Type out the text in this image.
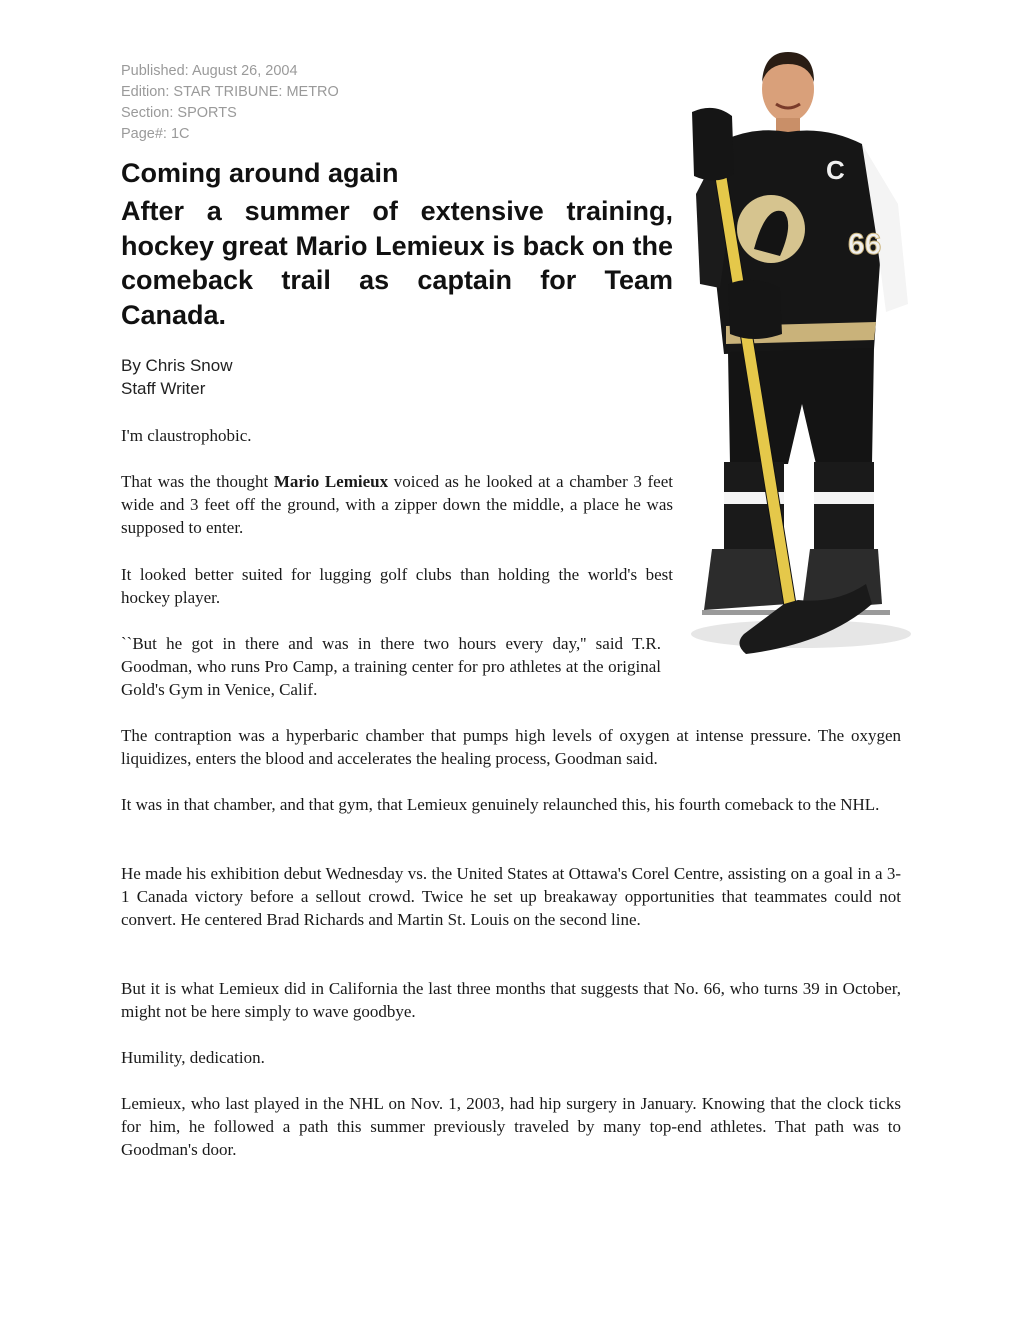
Published: August 26, 2004
Edition: STAR TRIBUNE: METRO
Section: SPORTS
Page#: 1C
Coming around again
After a summer of extensive training, hockey great Mario Lemieux is back on the comeback trail as captain for Team Canada.
By Chris Snow
Staff Writer
C
66

I'm claustrophobic.

That was the thought Mario Lemieux voiced as he looked at a chamber 3 feet wide and 3 feet off the ground, with a zipper down the middle, a place he was supposed to enter.

It looked better suited for lugging golf clubs than holding the world's best hockey player.

``But he got in there and was in there two hours every day,'' said T.R. Goodman, who runs Pro Camp, a training center for pro athletes at the original Gold's Gym in Venice, Calif.

The contraption was a hyperbaric chamber that pumps high levels of oxygen at intense pressure. The oxygen liquidizes, enters the blood and accelerates the healing process, Goodman said.

It was in that chamber, and that gym, that Lemieux genuinely relaunched this, his fourth comeback to the NHL.

He made his exhibition debut Wednesday vs. the United States at Ottawa's Corel Centre, assisting on a goal in a 3-1 Canada victory before a sellout crowd. Twice he set up breakaway opportunities that teammates could not convert. He centered Brad Richards and Martin St. Louis on the second line.

But it is what Lemieux did in California the last three months that suggests that No. 66, who turns 39 in October, might not be here simply to wave goodbye.

Humility, dedication.

Lemieux, who last played in the NHL on Nov. 1, 2003, had hip surgery in January. Knowing that the clock ticks for him, he followed a path this summer previously traveled by many top-end athletes. That path was to Goodman's door.
